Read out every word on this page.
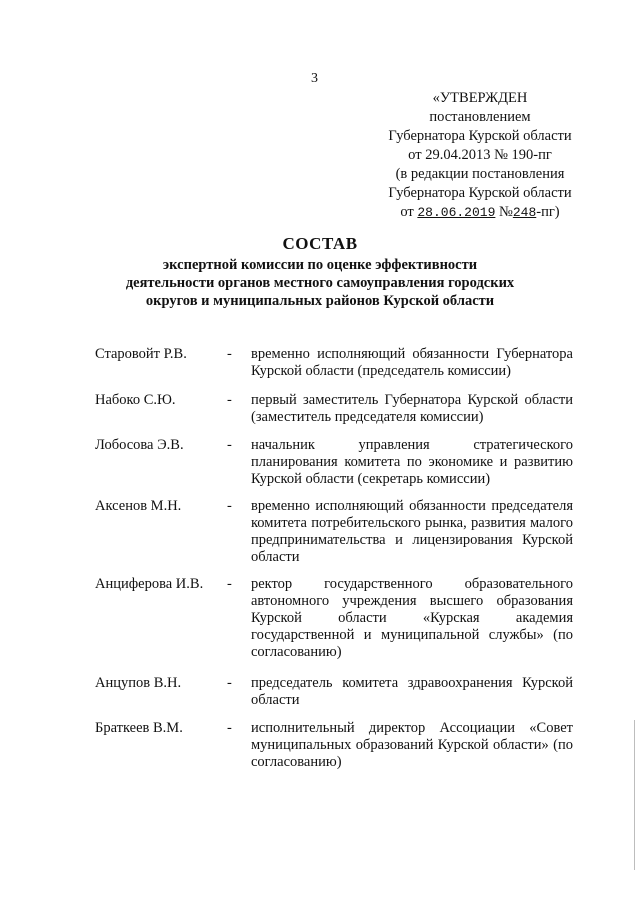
3
«УТВЕРЖДЕН
постановлением
Губернатора Курской области
от 29.04.2013 № 190-пг
(в редакции постановления
Губернатора Курской области
от 28.06.2019 №248-пг)
СОСТАВ
экспертной комиссии по оценке эффективности
деятельности органов местного самоуправления городских
округов и муниципальных районов Курской области
Старовойт Р.В.	- временно исполняющий обязанности Губернатора Курской области (председатель комиссии)
Набоко С.Ю.	- первый заместитель Губернатора Курской области (заместитель председателя комиссии)
Лобосова Э.В.	- начальник управления стратегического планирования комитета по экономике и развитию Курской области (секретарь комиссии)
Аксенов М.Н.	- временно исполняющий обязанности председателя комитета потребительского рынка, развития малого предпринимательства и лицензирования Курской области
Анциферова И.В.	- ректор государственного образовательного автономного учреждения высшего образования Курской области «Курская академия государственной и муниципальной службы» (по согласованию)
Анцупов В.Н.	- председатель комитета здравоохранения Курской области
Браткеев В.М.	- исполнительный директор Ассоциации «Совет муниципальных образований Курской области» (по согласованию)
